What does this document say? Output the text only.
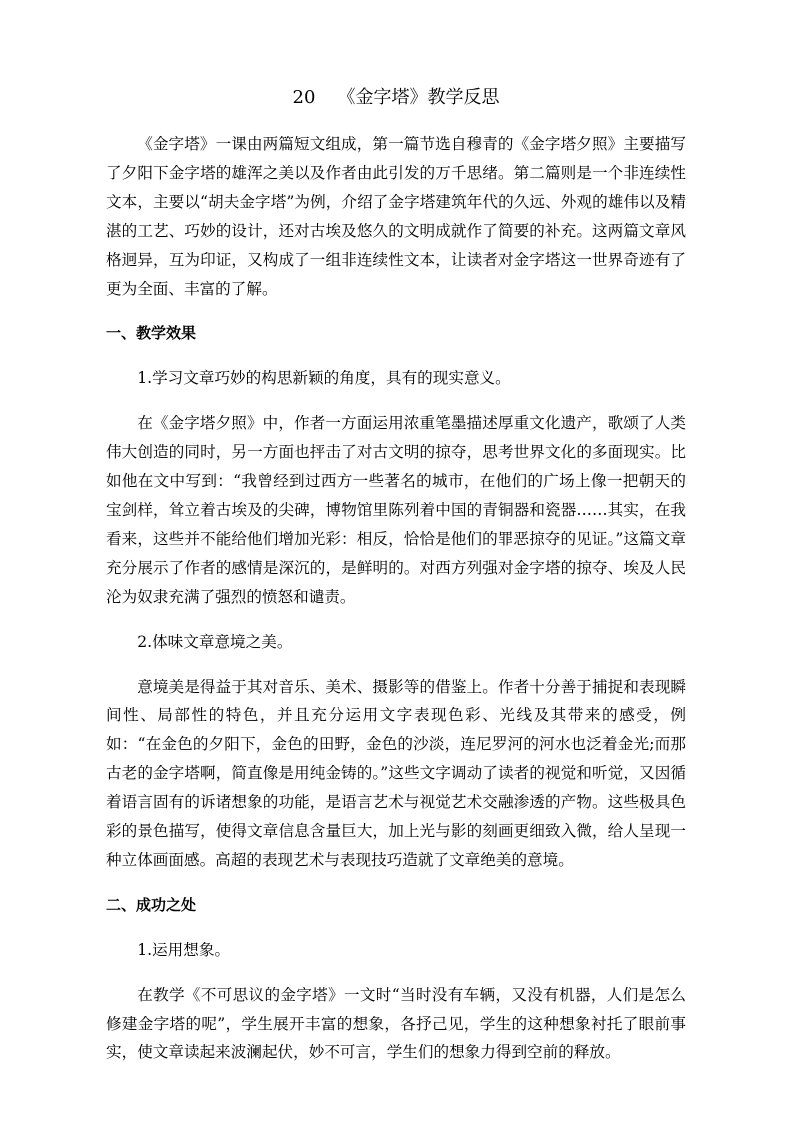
20 《金字塔》教学反思

《金字塔》一课由两篇短文组成，第一篇节选自穆青的《金字塔夕照》主要描写了夕阳下金字塔的雄浑之美以及作者由此引发的万千思绪。第二篇则是一个非连续性文本，主要以“胡夫金字塔”为例，介绍了金字塔建筑年代的久远、外观的雄伟以及精湛的工艺、巧妙的设计，还对古埃及悠久的文明成就作了简要的补充。这两篇文章风格迥异，互为印证，又构成了一组非连续性文本，让读者对金字塔这一世界奇迹有了更为全面、丰富的了解。

一、教学效果

1.学习文章巧妙的构思新颖的角度，具有的现实意义。

在《金字塔夕照》中，作者一方面运用浓重笔墨描述厚重文化遗产，歌颂了人类伟大创造的同时，另一方面也抨击了对古文明的掠夺，思考世界文化的多面现实。比如他在文中写到：“我曾经到过西方一些著名的城市，在他们的广场上像一把朝天的宝剑样，耸立着古埃及的尖碑，博物馆里陈列着中国的青铜器和瓷器……其实，在我看来，这些并不能给他们增加光彩：相反，恰恰是他们的罪恶掠夺的见证。”这篇文章充分展示了作者的感情是深沉的，是鲜明的。对西方列强对金字塔的掠夺、埃及人民沦为奴隶充满了强烈的愤怒和谴责。

2.体味文章意境之美。

意境美是得益于其对音乐、美术、摄影等的借鉴上。作者十分善于捕捉和表现瞬间性、局部性的特色，并且充分运用文字表现色彩、光线及其带来的感受，例如：“在金色的夕阳下，金色的田野，金色的沙淡，连尼罗河的河水也泛着金光;而那古老的金字塔啊，简直像是用纯金铸的。”这些文字调动了读者的视觉和听觉，又因循着语言固有的诉诸想象的功能，是语言艺术与视觉艺术交融渗透的产物。这些极具色彩的景色描写，使得文章信息含量巨大，加上光与影的刻画更细致入微，给人呈现一种立体画面感。高超的表现艺术与表现技巧造就了文章绝美的意境。

二、成功之处

1.运用想象。

在教学《不可思议的金字塔》一文时“当时没有车辆，又没有机器，人们是怎么修建金字塔的呢”，学生展开丰富的想象，各抒己见，学生的这种想象衬托了眼前事实，使文章读起来波澜起伏，妙不可言，学生们的想象力得到空前的释放。
